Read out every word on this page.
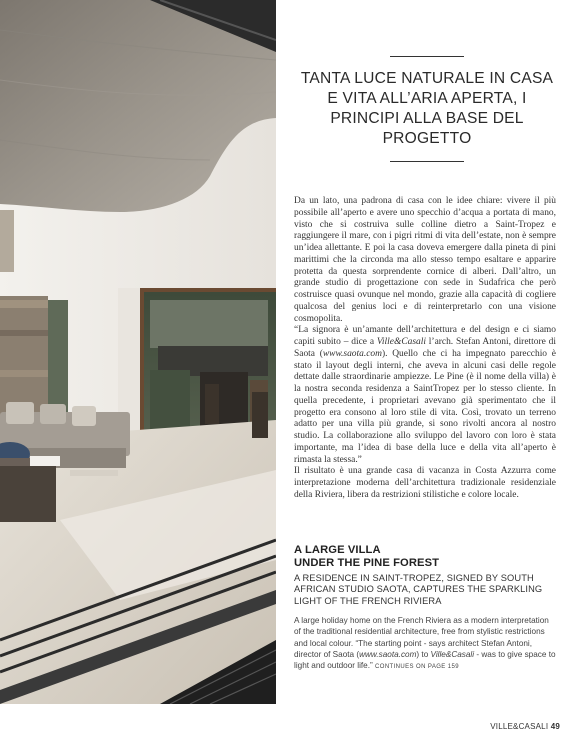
TANTA LUCE NATURALE IN CASA E VITA ALL’ARIA APERTA, I PRINCIPI ALLA BASE DEL PROGETTO

Da un lato, una padrona di casa con le idee chiare: vivere il più possibile all’aperto e avere uno specchio d’acqua a portata di mano, visto che si costruiva sulle colline dietro a Saint-Tropez e raggiungere il mare, con i pigri ritmi di vita dell’estate, non è sempre un’idea allettante. E poi la casa doveva emergere dalla pineta di pini marittimi che la circonda ma allo stesso tempo esaltare e apparire protetta da questa sorprendente cornice di alberi. Dall’altro, un grande studio di progettazione con sede in Sudafrica che però costruisce quasi ovunque nel mondo, grazie alla capacità di cogliere qualcosa del genius loci e di reinterpretarlo con una visione cosmopolita.

“La signora è un’amante dell’architettura e del design e ci siamo capiti subito – dice a Ville&Casali l’arch. Stefan Antoni, direttore di Saota (www.saota.com). Quello che ci ha impegnato parecchio è stato il layout degli interni, che aveva in alcuni casi delle regole dettate dalle straordinarie ampiezze. Le Pine (è il nome della villa) è la nostra seconda residenza a SaintTropez per lo stesso cliente. In quella precedente, i proprietari avevano già sperimentato che il progetto era consono al loro stile di vita. Così, trovato un terreno adatto per una villa più grande, si sono rivolti ancora al nostro studio. La collaborazione allo sviluppo del lavoro con loro è stata importante, ma l’idea di base della luce e della vita all’aperto è rimasta la stessa.”

Il risultato è una grande casa di vacanza in Costa Azzurra come interpretazione moderna dell’architettura tradizionale residenziale della Riviera, libera da restrizioni stilistiche e colore locale.

A LARGE VILLA
UNDER THE PINE FOREST
A RESIDENCE IN SAINT-TROPEZ, SIGNED BY SOUTH AFRICAN STUDIO SAOTA, CAPTURES THE SPARKLING LIGHT OF THE FRENCH RIVIERA
A large holiday home on the French Riviera as a modern interpretation of the traditional residential architecture, free from stylistic restrictions and local colour. “The starting point - says architect Stefan Antoni, director of Saota (www.saota.com) to Ville&Casali - was to give space to light and outdoor life.” CONTINUES ON PAGE 159
VILLE&CASALI 49
